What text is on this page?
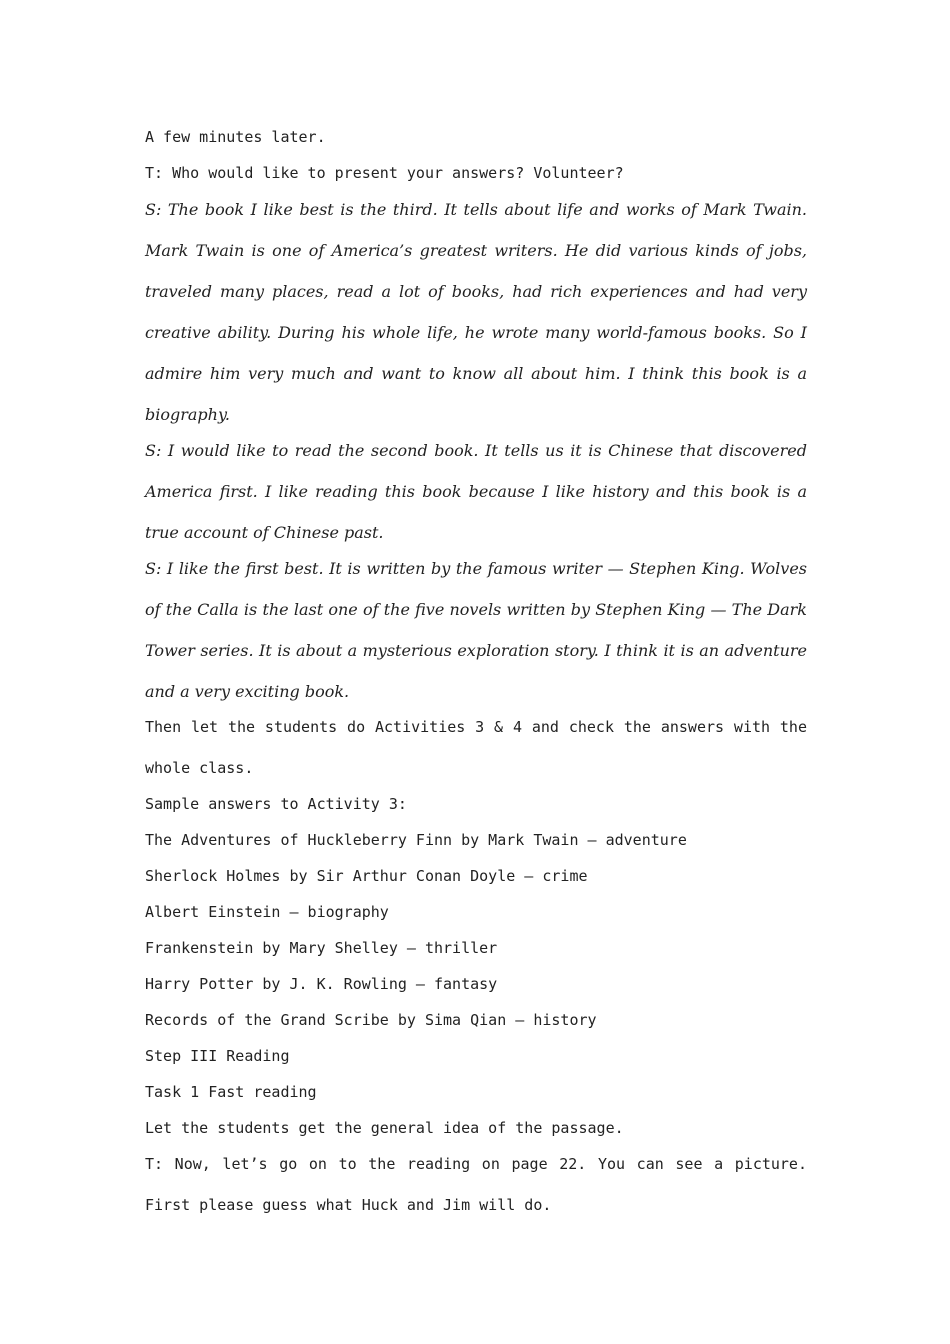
A few minutes later.

T: Who would like to present your answers? Volunteer?

S: The book I like best is the third. It tells about life and works of Mark Twain. Mark Twain is one of America’s greatest writers. He did various kinds of jobs, traveled many places, read a lot of books, had rich experiences and had very creative ability. During his whole life, he wrote many world-famous books. So I admire him very much and want to know all about him. I think this book is a biography.

S: I would like to read the second book. It tells us it is Chinese that discovered America first. I like reading this book because I like history and this book is a true account of Chinese past.

S: I like the first best. It is written by the famous writer — Stephen King. Wolves of the Calla is the last one of the five novels written by Stephen King — The Dark Tower series. It is about a mysterious exploration story. I think it is an adventure and a very exciting book.

Then let the students do Activities 3 & 4 and check the answers with the whole class.

Sample answers to Activity 3:

The Adventures of Huckleberry Finn by Mark Twain — adventure

Sherlock Holmes by Sir Arthur Conan Doyle — crime

Albert Einstein — biography

Frankenstein by Mary Shelley — thriller

Harry Potter by J. K. Rowling — fantasy

Records of the Grand Scribe by Sima Qian — history

Step III Reading

Task 1 Fast reading

Let the students get the general idea of the passage.

T: Now, let’s go on to the reading on page 22. You can see a picture. First please guess what Huck and Jim will do.
